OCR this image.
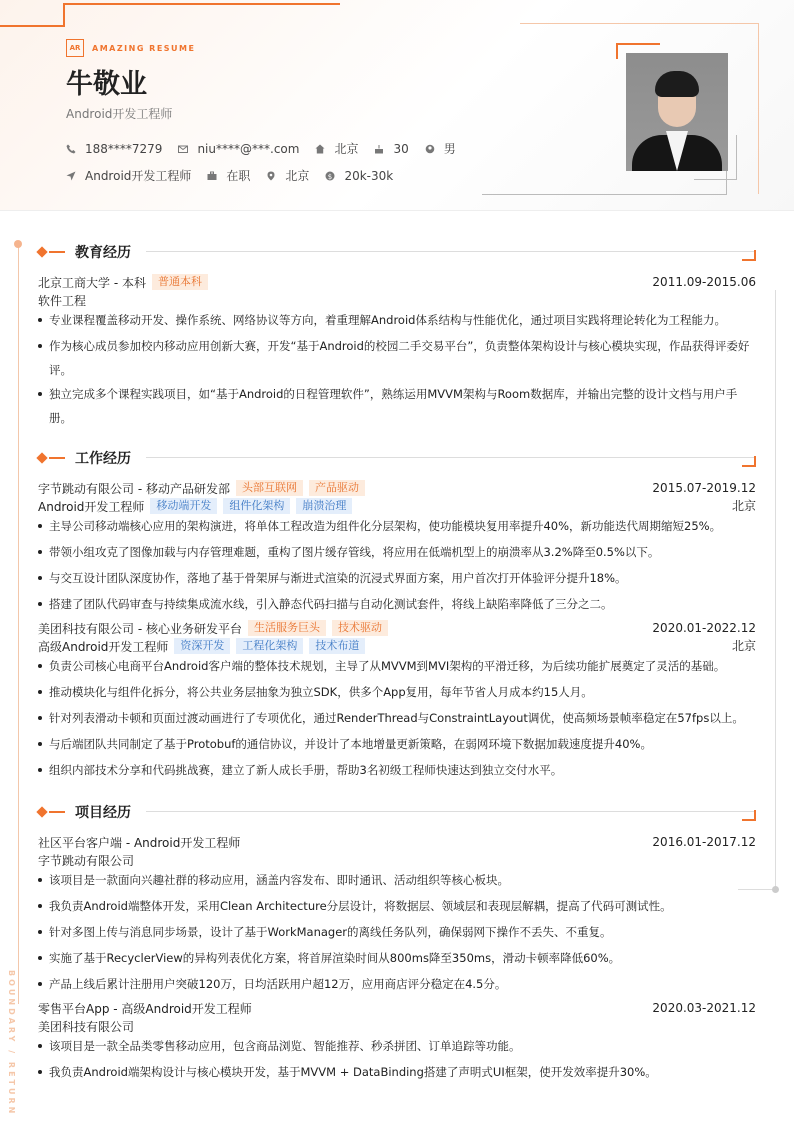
AR	AMAZING RESUME
牛敬业
Android开发工程师
188****7279	niu****@***.com	北京	30	男
Android开发工程师	在职	北京	$ 20k-30k
BOUNDARY / RETURN
教育经历
北京工商大学 - 本科	普通本科	2011.09-2015.06
软件工程
专业课程覆盖移动开发、操作系统、网络协议等方向，着重理解Android体系结构与性能优化，通过项目实践将理论转化为工程能力。
作为核心成员参加校内移动应用创新大赛，开发“基于Android的校园二手交易平台”，负责整体架构设计与核心模块实现，作品获得评委好评。
独立完成多个课程实践项目，如“基于Android的日程管理软件”，熟练运用MVVM架构与Room数据库，并输出完整的设计文档与用户手册。
工作经历
字节跳动有限公司 - 移动产品研发部	头部互联网	产品驱动	2015.07-2019.12
Android开发工程师	移动端开发	组件化架构	崩溃治理	北京
主导公司移动端核心应用的架构演进，将单体工程改造为组件化分层架构，使功能模块复用率提升40%，新功能迭代周期缩短25%。
带领小组攻克了图像加载与内存管理难题，重构了图片缓存管线，将应用在低端机型上的崩溃率从3.2%降至0.5%以下。
与交互设计团队深度协作，落地了基于骨架屏与渐进式渲染的沉浸式界面方案，用户首次打开体验评分提升18%。
搭建了团队代码审查与持续集成流水线，引入静态代码扫描与自动化测试套件，将线上缺陷率降低了三分之二。
美团科技有限公司 - 核心业务研发平台	生活服务巨头	技术驱动	2020.01-2022.12
高级Android开发工程师	资深开发	工程化架构	技术布道	北京
负责公司核心电商平台Android客户端的整体技术规划，主导了从MVVM到MVI架构的平滑迁移，为后续功能扩展奠定了灵活的基础。
推动模块化与组件化拆分，将公共业务层抽象为独立SDK，供多个App复用，每年节省人月成本约15人月。
针对列表滑动卡顿和页面过渡动画进行了专项优化，通过RenderThread与ConstraintLayout调优，使高频场景帧率稳定在57fps以上。
与后端团队共同制定了基于Protobuf的通信协议，并设计了本地增量更新策略，在弱网环境下数据加载速度提升40%。
组织内部技术分享和代码挑战赛，建立了新人成长手册，帮助3名初级工程师快速达到独立交付水平。
项目经历
社区平台客户端 - Android开发工程师	2016.01-2017.12
字节跳动有限公司
该项目是一款面向兴趣社群的移动应用，涵盖内容发布、即时通讯、活动组织等核心板块。
我负责Android端整体开发，采用Clean Architecture分层设计，将数据层、领域层和表现层解耦，提高了代码可测试性。
针对多图上传与消息同步场景，设计了基于WorkManager的离线任务队列，确保弱网下操作不丢失、不重复。
实施了基于RecyclerView的异构列表优化方案，将首屏渲染时间从800ms降至350ms，滑动卡顿率降低60%。
产品上线后累计注册用户突破120万，日均活跃用户超12万，应用商店评分稳定在4.5分。
零售平台App - 高级Android开发工程师	2020.03-2021.12
美团科技有限公司
该项目是一款全品类零售移动应用，包含商品浏览、智能推荐、秒杀拼团、订单追踪等功能。
我负责Android端架构设计与核心模块开发，基于MVVM + DataBinding搭建了声明式UI框架，使开发效率提升30%。
